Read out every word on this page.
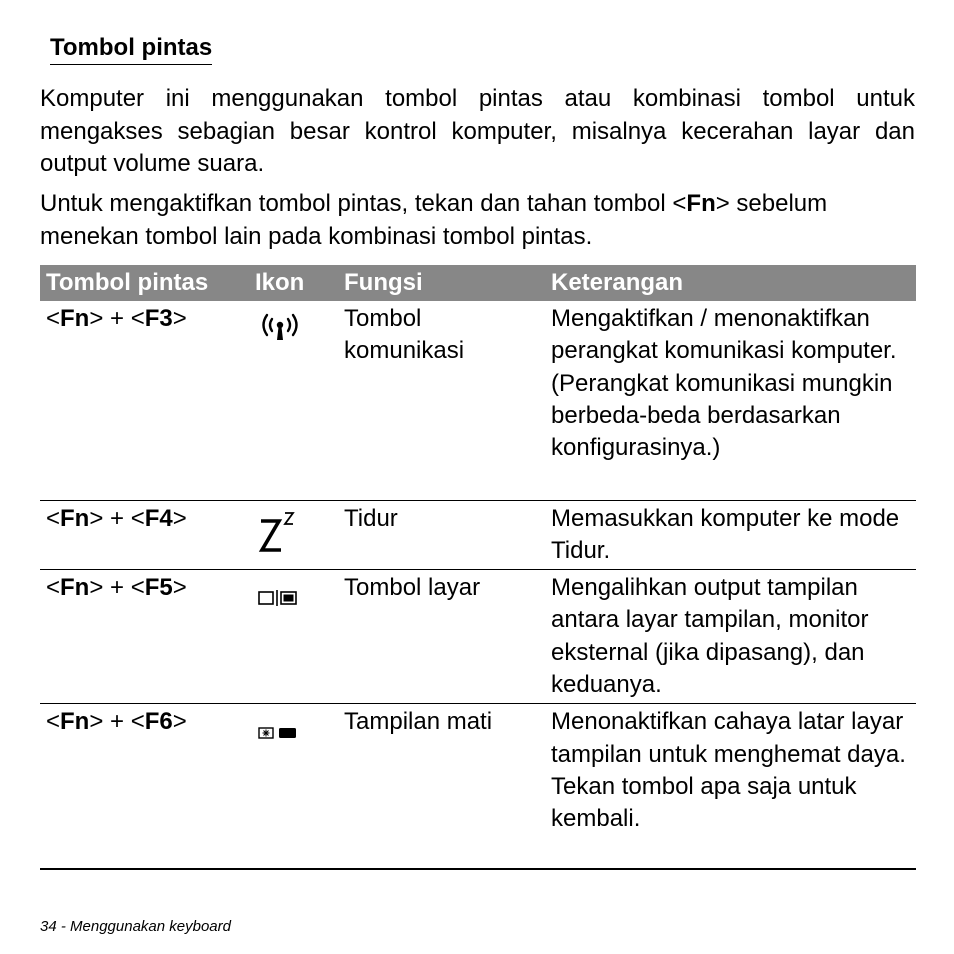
Tombol pintas

Komputer ini menggunakan tombol pintas atau kombinasi tombol untuk mengakses sebagian besar kontrol komputer, misalnya kecerahan layar dan output volume suara.

Untuk mengaktifkan tombol pintas, tekan dan tahan tombol <Fn> sebelum menekan tombol lain pada kombinasi tombol pintas.

Tombol pintas	Ikon	Fungsi	Keterangan
<Fn> + <F3>		Tombol komunikasi	Mengaktifkan / menonaktifkan perangkat komunikasi komputer. (Perangkat komunikasi mungkin berbeda-beda berdasarkan konfigurasinya.)
<Fn> + <F4>		Tidur	Memasukkan komputer ke mode Tidur.
<Fn> + <F5>		Tombol layar	Mengalihkan output tampilan antara layar tampilan, monitor eksternal (jika dipasang), dan keduanya.
<Fn> + <F6>		Tampilan mati	Menonaktifkan cahaya latar layar tampilan untuk menghemat daya. Tekan tombol apa saja untuk kembali.
34 - Menggunakan keyboard
